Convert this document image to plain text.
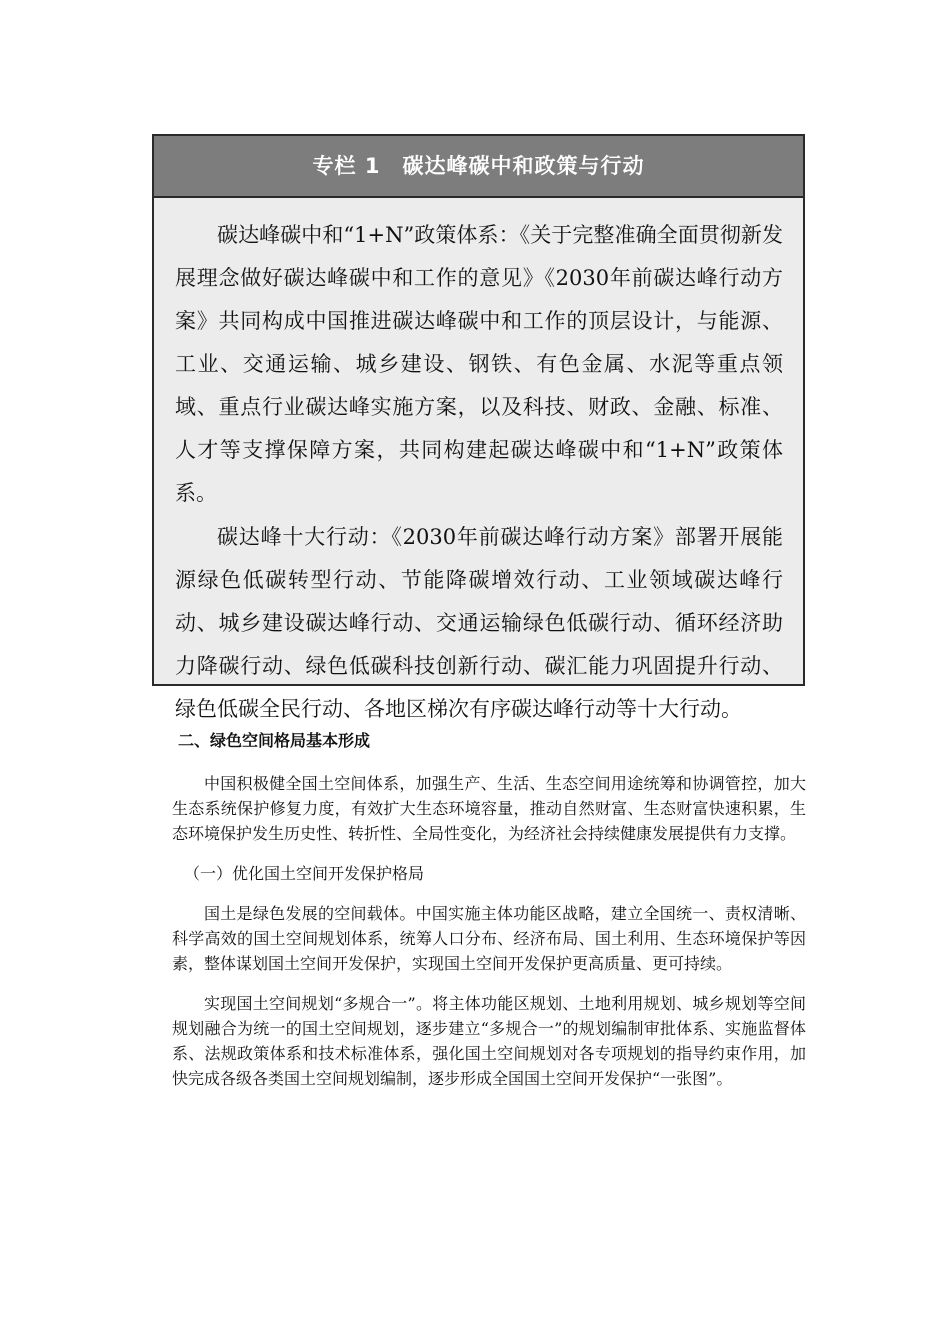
专栏 1　碳达峰碳中和政策与行动

碳达峰碳中和“1+N”政策体系：《关于完整准确全面贯彻新发展理念做好碳达峰碳中和工作的意见》《2030年前碳达峰行动方案》共同构成中国推进碳达峰碳中和工作的顶层设计，与能源、工业、交通运输、城乡建设、钢铁、有色金属、水泥等重点领域、重点行业碳达峰实施方案，以及科技、财政、金融、标准、人才等支撑保障方案，共同构建起碳达峰碳中和“1+N”政策体系。

碳达峰十大行动：《2030年前碳达峰行动方案》部署开展能源绿色低碳转型行动、节能降碳增效行动、工业领域碳达峰行动、城乡建设碳达峰行动、交通运输绿色低碳行动、循环经济助力降碳行动、绿色低碳科技创新行动、碳汇能力巩固提升行动、绿色低碳全民行动、各地区梯次有序碳达峰行动等十大行动。

二、绿色空间格局基本形成

中国积极健全国土空间体系，加强生产、生活、生态空间用途统筹和协调管控，加大生态系统保护修复力度，有效扩大生态环境容量，推动自然财富、生态财富快速积累，生态环境保护发生历史性、转折性、全局性变化，为经济社会持续健康发展提供有力支撑。

（一）优化国土空间开发保护格局

国土是绿色发展的空间载体。中国实施主体功能区战略，建立全国统一、责权清晰、科学高效的国土空间规划体系，统筹人口分布、经济布局、国土利用、生态环境保护等因素，整体谋划国土空间开发保护，实现国土空间开发保护更高质量、更可持续。

实现国土空间规划“多规合一”。将主体功能区规划、土地利用规划、城乡规划等空间规划融合为统一的国土空间规划，逐步建立“多规合一”的规划编制审批体系、实施监督体系、法规政策体系和技术标准体系，强化国土空间规划对各专项规划的指导约束作用，加快完成各级各类国土空间规划编制，逐步形成全国国土空间开发保护“一张图”。
